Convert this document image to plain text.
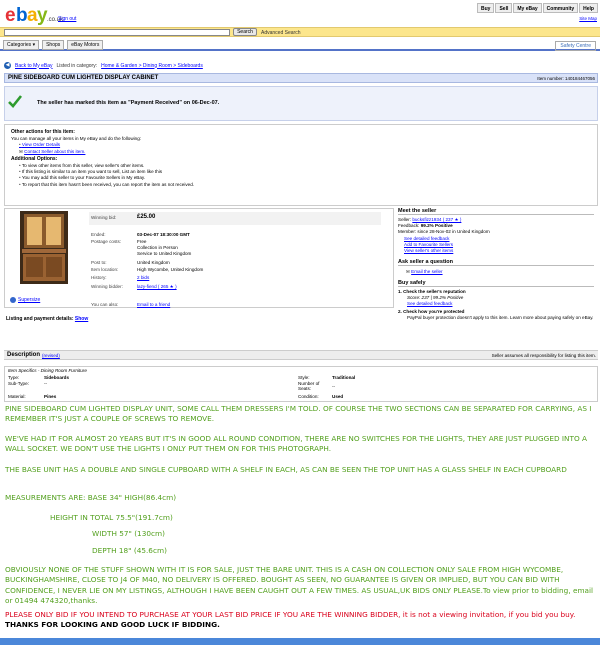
e b a y .co.uk
Sign out
Buy	Sell	My eBay	Community	Help
Site Map
Search	Advanced Search
Categories ▾	Shops	eBay Motors	Safety Centre
◀	Back to My eBay Listed in category: Home & Garden > Dining Room > Sideboards
PINE SIDEBOARD CUM LIGHTED DISPLAY CABINET	Item number: 140184467056
The seller has marked this item as "Payment Received" on 06-Dec-07.
Other actions for this item:
You can manage all your items in My eBay and do the following:
• View Order Details
✉ Contact Seller about this item.
Additional Options:
• To view other items from this seller, view seller's other items.
• If this listing is similar to an item you want to sell, List an item like this
• You may add this seller to your Favourite Sellers in My eBay.
• To report that this item hasn't been received, you can report the item as not received.
Supersize
Winning bid:	£25.00
Ended:	03-Dec-07 18:30:00 GMT
Postage costs:	Free
Collection in Person
Service to United Kingdom
Post to:	United Kingdom
Item location:	High Wycombe, United Kingdom
History:	2 bids
Winning bidder:	lazy-fiend ( 265 ★ )
You can also:	Email to a friend
Listing and payment details: Show
Meet the seller
Seller: bucksfizz1934 ( 237 ★ )
Feedback: 99.2% Positive
Member: since 28-Nov-02 in United Kingdom
See detailed feedback
Add to Favourite Sellers
View seller's other items
Ask seller a question
✉ Email the seller
Buy safely
1. Check the seller's reputation
Score: 237 | 99.2% Positive
See detailed feedback
2. Check how you're protected
PayPal buyer protection doesn't apply to this item. Learn more about paying safely on eBay.
Description (revised)	Seller assumes all responsibility for listing this item.
Item Specifics - Dining Room Furniture
Type:	Sideboards
Sub-Type:	--
Material:	Pines
Style:	Traditional
Number of Seats:	--
Condition:	Used
PINE SIDEBOARD CUM LIGHTED DISPLAY UNIT, SOME CALL THEM DRESSERS I'M TOLD. OF COURSE THE TWO SECTIONS CAN BE SEPARATED FOR CARRYING, AS I REMEMBER IT'S JUST A COUPLE OF SCREWS TO REMOVE.
WE'VE HAD IT FOR ALMOST 20 YEARS BUT IT'S IN GOOD ALL ROUND CONDITION, THERE ARE NO SWITCHES FOR THE LIGHTS, THEY ARE JUST PLUGGED INTO A WALL SOCKET. WE DON'T USE THE LIGHTS I ONLY PUT THEM ON FOR THIS PHOTOGRAPH.
THE BASE UNIT HAS A DOUBLE AND SINGLE CUPBOARD WITH A SHELF IN EACH, AS CAN BE SEEN THE TOP UNIT HAS A GLASS SHELF IN EACH CUPBOARD
MEASUREMENTS ARE: BASE 34" HIGH(86.4cm)
HEIGHT IN TOTAL 75.5"(191.7cm)
WIDTH 57" (130cm)
DEPTH 18" (45.6cm)
OBVIOUSLY NONE OF THE STUFF SHOWN WITH IT IS FOR SALE, JUST THE BARE UNIT. THIS IS A CASH ON COLLECTION ONLY SALE FROM HIGH WYCOMBE, BUCKINGHAMSHIRE, CLOSE TO J4 OF M40, NO DELIVERY IS OFFERED. BOUGHT AS SEEN, NO GUARANTEE IS GIVEN OR IMPLIED, BUT YOU CAN BID WITH CONFIDENCE, I NEVER LIE ON MY LISTINGS, ALTHOUGH I HAVE BEEN CAUGHT OUT A FEW TIMES. AS USUAL,UK BIDS ONLY PLEASE.To view prior to bidding, email or 01494 474320,thanks.
PLEASE ONLY BID IF YOU INTEND TO PURCHASE AT YOUR LAST BID PRICE IF YOU ARE THE WINNING BIDDER, it is not a viewing invitation, if you bid you buy. THANKS FOR LOOKING AND GOOD LUCK IF BIDDING.
